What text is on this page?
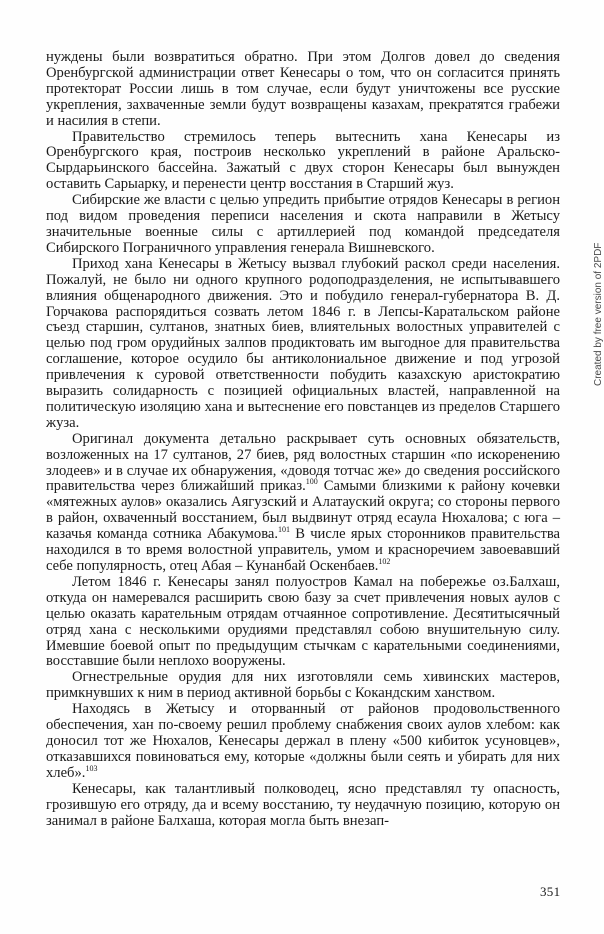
нуждены были возвратиться обратно. При этом Долгов довел до сведения Оренбургской администрации ответ Кенесары о том, что он согласится принять протекторат России лишь в том случае, если будут уничтожены все русские укрепления, захваченные земли будут возвращены казахам, прекратятся грабежи и насилия в степи.

Правительство стремилось теперь вытеснить хана Кенесары из Оренбургского края, построив несколько укреплений в районе Аральско-Сырдарьинского бассейна. Зажатый с двух сторон Кенесары был вынужден оставить Сарыарку, и перенести центр восстания в Старший жуз.

Сибирские же власти с целью упредить прибытие отрядов Кенесары в регион под видом проведения переписи населения и скота направили в Жетысу значительные военные силы с артиллерией под командой председателя Сибирского Пограничного управления генерала Вишневского.

Приход хана Кенесары в Жетысу вызвал глубокий раскол среди населения. Пожалуй, не было ни одного крупного родоподразделения, не испытывавшего влияния общенародного движения. Это и побудило генерал-губернатора В. Д. Горчакова распорядиться созвать летом 1846 г. в Лепсы-Каратальском районе съезд старшин, султанов, знатных биев, влиятельных волостных управителей с целью под гром орудийных залпов продиктовать им выгодное для правительства соглашение, которое осудило бы антиколониальное движение и под угрозой привлечения к суровой ответственности побудить казахскую аристократию выразить солидарность с позицией официальных властей, направленной на политическую изоляцию хана и вытеснение его повстанцев из пределов Старшего жуза.

Оригинал документа детально раскрывает суть основных обязательств, возложенных на 17 султанов, 27 биев, ряд волостных старшин «по искоренению злодеев» и в случае их обнаружения, «доводя тотчас же» до сведения российского правительства через ближайший приказ.$^{100}$ Самыми близкими к району кочевки «мятежных аулов» оказались Аягузский и Алатауский округа; со стороны первого в район, охваченный восстанием, был выдвинут отряд есаула Нюхалова; с юга – казачья команда сотника Абакумова.$^{101}$ В числе ярых сторонников правительства находился в то время волостной управитель, умом и красноречием завоевавший себе популярность, отец Абая – Кунанбай Оскенбаев.$^{102}$

Летом 1846 г. Кенесары занял полуостров Камал на побережье оз.Балхаш, откуда он намеревался расширить свою базу за счет привлечения новых аулов с целью оказать карательным отрядам отчаянное сопротивление. Десятитысячный отряд хана с несколькими орудиями представлял собою внушительную силу. Имевшие боевой опыт по предыдущим стычкам с карательными соединениями, восставшие были неплохо вооружены.

Огнестрельные орудия для них изготовляли семь хивинских мастеров, примкнувших к ним в период активной борьбы с Кокандским ханством.

Находясь в Жетысу и оторванный от районов продовольственного обеспечения, хан по-своему решил проблему снабжения своих аулов хлебом: как доносил тот же Нюхалов, Кенесары держал в плену «500 кибиток усуновцев», отказавшихся повиноваться ему, которые «должны были сеять и убирать для них хлеб».$^{103}$

Кенесары, как талантливый полководец, ясно представлял ту опасность, грозившую его отряду, да и всему восстанию, ту неудачную позицию, которую он занимал в районе Балхаша, которая могла быть внезап-

351
Created by free version of 2PDF
